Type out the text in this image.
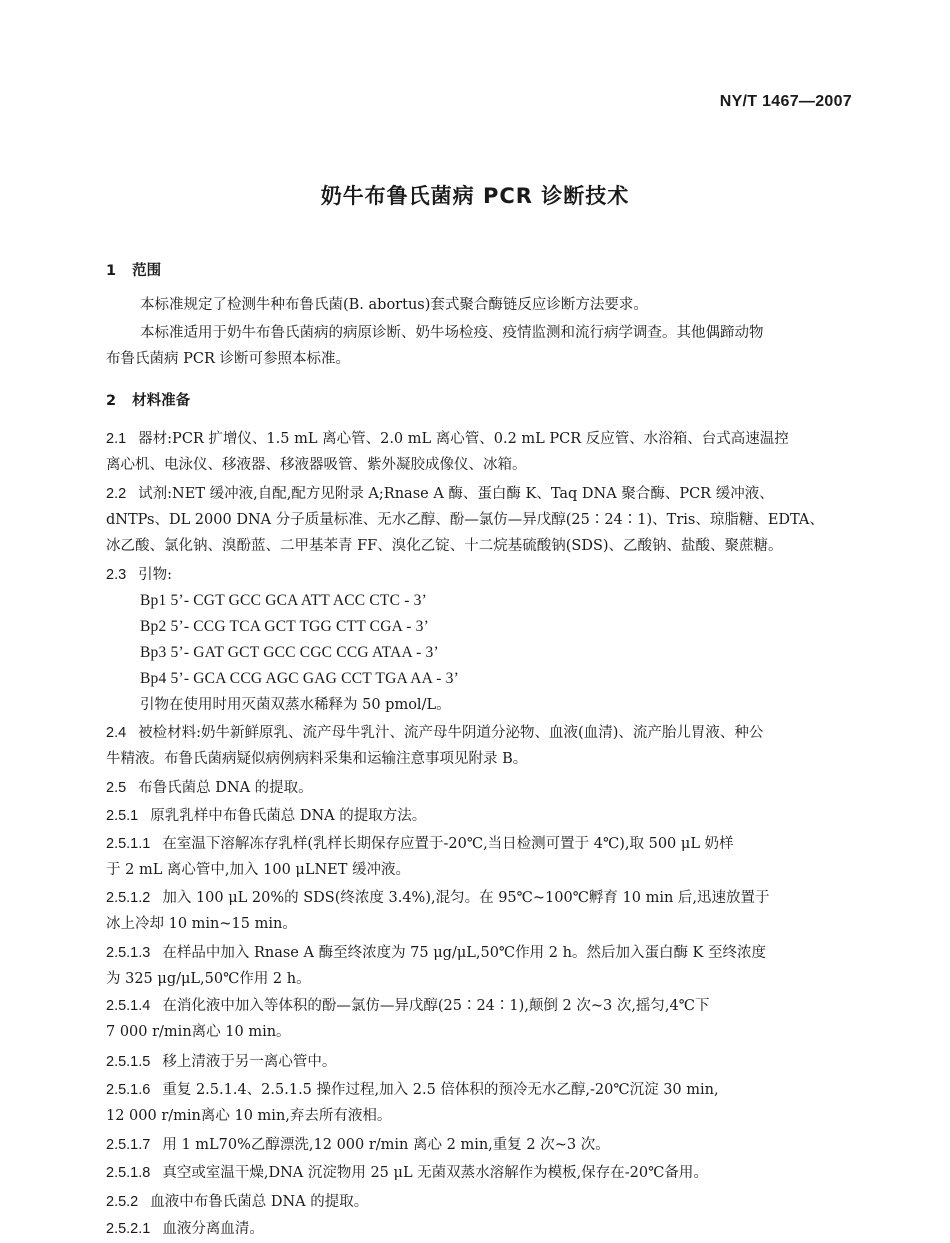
NY/T 1467—2007
奶牛布鲁氏菌病 PCR 诊断技术
1 范围
本标准规定了检测牛种布鲁氏菌(B. abortus)套式聚合酶链反应诊断方法要求。
本标准适用于奶牛布鲁氏菌病的病原诊断、奶牛场检疫、疫情监测和流行病学调查。其他偶蹄动物
布鲁氏菌病 PCR 诊断可参照本标准。
2 材料准备
2.1 器材:PCR 扩增仪、1.5 mL 离心管、2.0 mL 离心管、0.2 mL PCR 反应管、水浴箱、台式高速温控
离心机、电泳仪、移液器、移液器吸管、紫外凝胶成像仪、冰箱。
2.2 试剂:NET 缓冲液,自配,配方见附录 A;Rnase A 酶、蛋白酶 K、Taq DNA 聚合酶、PCR 缓冲液、
dNTPs、DL 2000 DNA 分子质量标准、无水乙醇、酚—氯仿—异戊醇(25∶24∶1)、Tris、琼脂糖、EDTA、
冰乙酸、氯化钠、溴酚蓝、二甲基苯青 FF、溴化乙锭、十二烷基硫酸钠(SDS)、乙酸钠、盐酸、聚蔗糖。
2.3 引物:
Bp1 5’- CGT GCC GCA ATT ACC CTC - 3’
Bp2 5’- CCG TCA GCT TGG CTT CGA - 3’
Bp3 5’- GAT GCT GCC CGC CCG ATAA - 3’
Bp4 5’- GCA CCG AGC GAG CCT TGA AA - 3’
引物在使用时用灭菌双蒸水稀释为 50 pmol/L。
2.4 被检材料:奶牛新鲜原乳、流产母牛乳汁、流产母牛阴道分泌物、血液(血清)、流产胎儿胃液、种公
牛精液。布鲁氏菌病疑似病例病料采集和运输注意事项见附录 B。
2.5 布鲁氏菌总 DNA 的提取。
2.5.1 原乳乳样中布鲁氏菌总 DNA 的提取方法。
2.5.1.1 在室温下溶解冻存乳样(乳样长期保存应置于-20℃,当日检测可置于 4℃),取 500 μL 奶样
于 2 mL 离心管中,加入 100 μLNET 缓冲液。
2.5.1.2 加入 100 μL 20%的 SDS(终浓度 3.4%),混匀。在 95℃~100℃孵育 10 min 后,迅速放置于
冰上冷却 10 min~15 min。
2.5.1.3 在样品中加入 Rnase A 酶至终浓度为 75 μg/μL,50℃作用 2 h。然后加入蛋白酶 K 至终浓度
为 325 μg/μL,50℃作用 2 h。
2.5.1.4 在消化液中加入等体积的酚—氯仿—异戊醇(25∶24∶1),颠倒 2 次~3 次,摇匀,4℃下
7 000 r/min离心 10 min。
2.5.1.5 移上清液于另一离心管中。
2.5.1.6 重复 2.5.1.4、2.5.1.5 操作过程,加入 2.5 倍体积的预冷无水乙醇,-20℃沉淀 30 min,
12 000 r/min离心 10 min,弃去所有液相。
2.5.1.7 用 1 mL70%乙醇漂洗,12 000 r/min 离心 2 min,重复 2 次~3 次。
2.5.1.8 真空或室温干燥,DNA 沉淀物用 25 μL 无菌双蒸水溶解作为模板,保存在-20℃备用。
2.5.2 血液中布鲁氏菌总 DNA 的提取。
2.5.2.1 血液分离血清。
